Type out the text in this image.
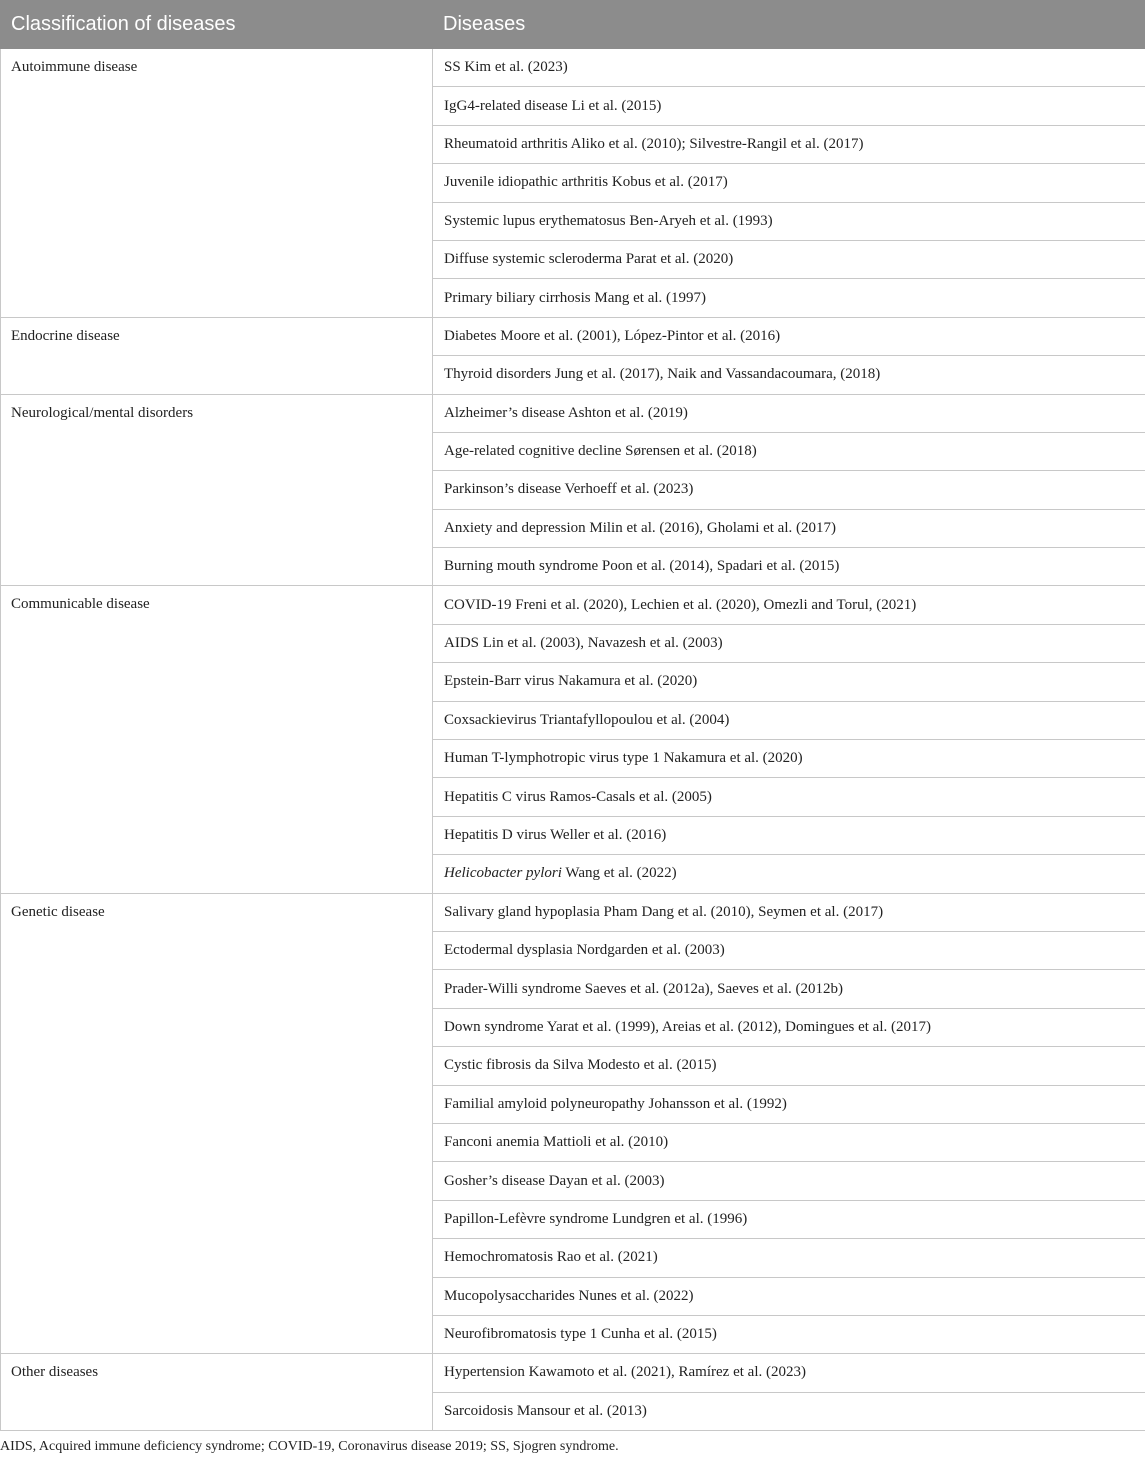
Classification of diseases	Diseases
Autoimmune disease	SS Kim et al. (2023)
	IgG4-related disease Li et al. (2015)
	Rheumatoid arthritis Aliko et al. (2010); Silvestre-Rangil et al. (2017)
	Juvenile idiopathic arthritis Kobus et al. (2017)
	Systemic lupus erythematosus Ben-Aryeh et al. (1993)
	Diffuse systemic scleroderma Parat et al. (2020)
	Primary biliary cirrhosis Mang et al. (1997)
Endocrine disease	Diabetes Moore et al. (2001), López-Pintor et al. (2016)
	Thyroid disorders Jung et al. (2017), Naik and Vassandacoumara, (2018)
Neurological/mental disorders	Alzheimer’s disease Ashton et al. (2019)
	Age-related cognitive decline Sørensen et al. (2018)
	Parkinson’s disease Verhoeff et al. (2023)
	Anxiety and depression Milin et al. (2016), Gholami et al. (2017)
	Burning mouth syndrome Poon et al. (2014), Spadari et al. (2015)
Communicable disease	COVID-19 Freni et al. (2020), Lechien et al. (2020), Omezli and Torul, (2021)
	AIDS Lin et al. (2003), Navazesh et al. (2003)
	Epstein-Barr virus Nakamura et al. (2020)
	Coxsackievirus Triantafyllopoulou et al. (2004)
	Human T-lymphotropic virus type 1 Nakamura et al. (2020)
	Hepatitis C virus Ramos-Casals et al. (2005)
	Hepatitis D virus Weller et al. (2016)
	Helicobacter pylori Wang et al. (2022)
Genetic disease	Salivary gland hypoplasia Pham Dang et al. (2010), Seymen et al. (2017)
	Ectodermal dysplasia Nordgarden et al. (2003)
	Prader-Willi syndrome Saeves et al. (2012a), Saeves et al. (2012b)
	Down syndrome Yarat et al. (1999), Areias et al. (2012), Domingues et al. (2017)
	Cystic fibrosis da Silva Modesto et al. (2015)
	Familial amyloid polyneuropathy Johansson et al. (1992)
	Fanconi anemia Mattioli et al. (2010)
	Gosher’s disease Dayan et al. (2003)
	Papillon-Lefèvre syndrome Lundgren et al. (1996)
	Hemochromatosis Rao et al. (2021)
	Mucopolysaccharides Nunes et al. (2022)
	Neurofibromatosis type 1 Cunha et al. (2015)
Other diseases	Hypertension Kawamoto et al. (2021), Ramírez et al. (2023)
	Sarcoidosis Mansour et al. (2013)
AIDS, Acquired immune deficiency syndrome; COVID-19, Coronavirus disease 2019; SS, Sjogren syndrome.
